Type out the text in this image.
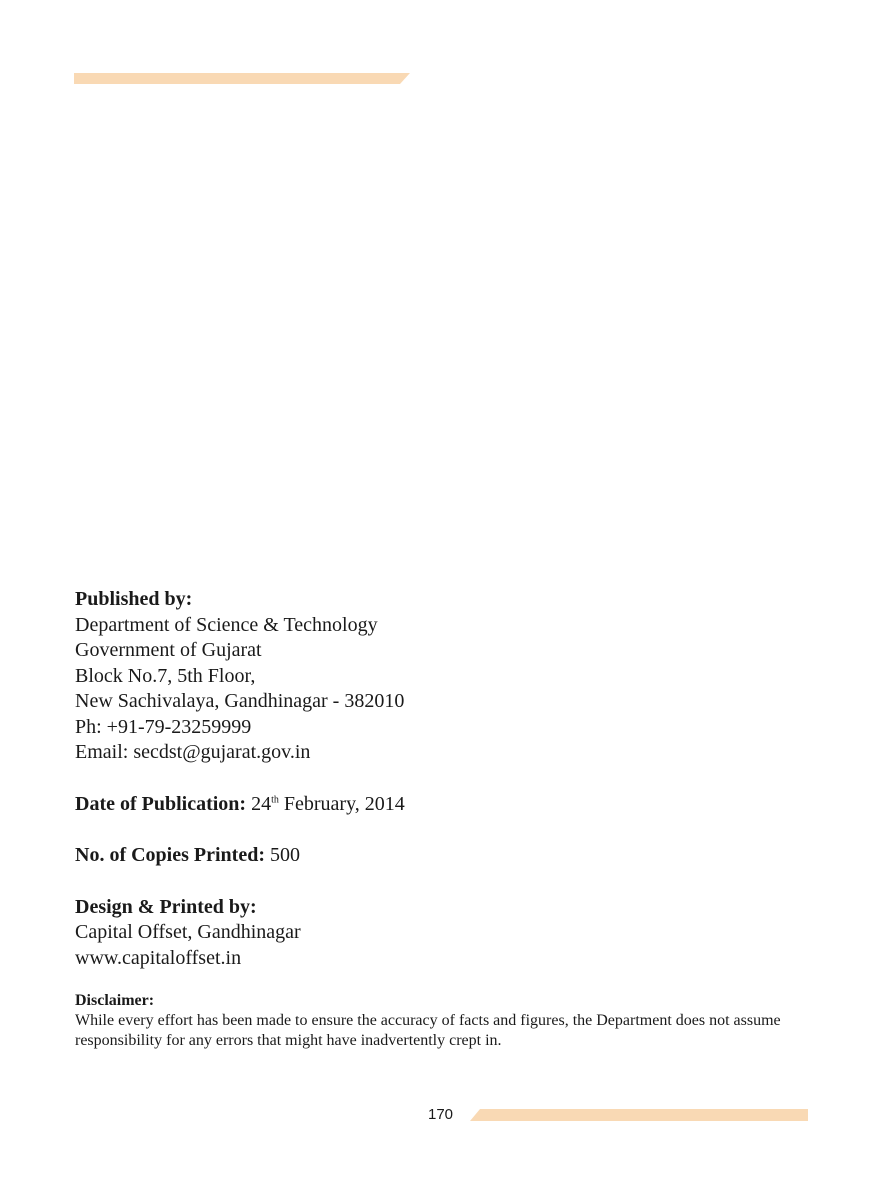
Published by:
Department of Science & Technology
Government of Gujarat
Block No.7, 5th Floor,
New Sachivalaya, Gandhinagar - 382010
Ph: +91-79-23259999
Email: secdst@gujarat.gov.in
Date of Publication: 24th February, 2014
No. of Copies Printed: 500
Design & Printed by:
Capital Offset, Gandhinagar
www.capitaloffset.in
Disclaimer:
While every effort has been made to ensure the accuracy of facts and figures, the Department does not assume responsibility for any errors that might have inadvertently crept in.
170
